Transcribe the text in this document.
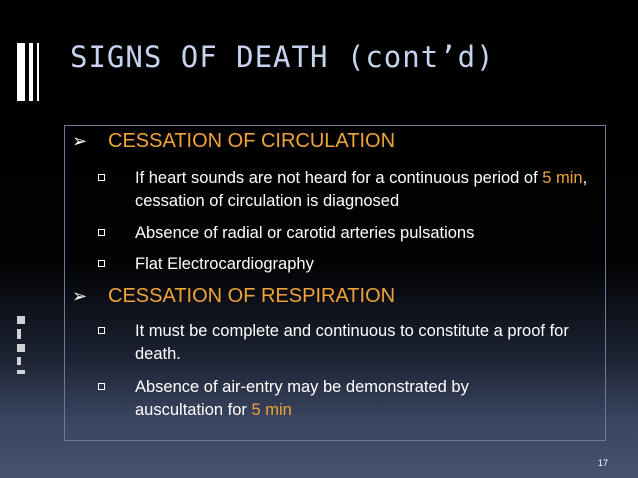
SIGNS OF DEATH (cont’d)
➢ CESSATION OF CIRCULATION
If heart sounds are not heard for a continuous period of 5 min, cessation of circulation is diagnosed
Absence of radial or carotid arteries pulsations
Flat Electrocardiography
➢ CESSATION OF RESPIRATION
It must be complete and continuous to constitute a proof for death.
Absence of air-entry may be demonstrated by auscultation for 5 min
17
